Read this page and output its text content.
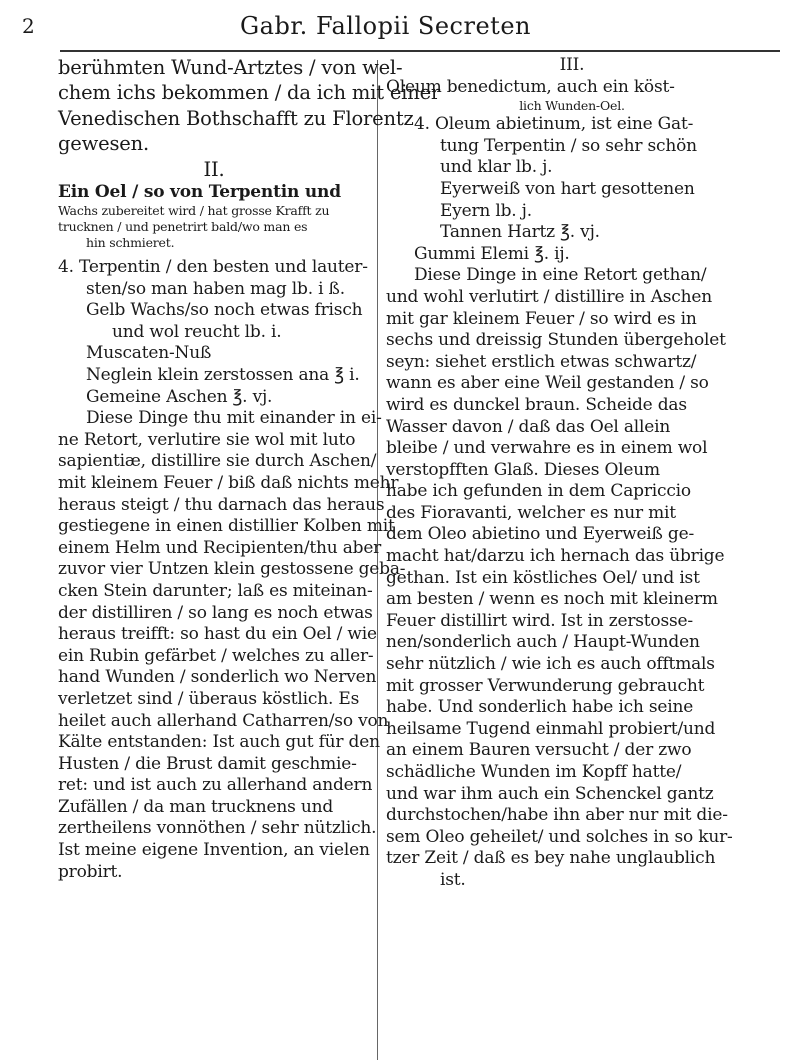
2	Gabr. Fallopii Secreten
berühmten Wund-Artztes / von wel-
chem ichs bekommen / da ich mit einer
Venedischen Bothschafft zu Florentz
gewesen.
II.
Ein Oel / so von Terpentin und
Wachs zubereitet wird / hat grosse Krafft zu
trucknen / und penetrirt bald/wo man es
hin schmieret.
4. Terpentin / den besten und lauter-
sten/so man haben mag lb. i ß.
Gelb Wachs/so noch etwas frisch
und wol reucht lb. i.
Muscaten-Nuß
Neglein klein zerstossen ana ℥ i.
Gemeine Aschen ℥. vj.
Diese Dinge thu mit einander in ei-
ne Retort, verlutire sie wol mit luto
sapientiæ, distillire sie durch Aschen/
mit kleinem Feuer / biß daß nichts mehr
heraus steigt / thu darnach das heraus
gestiegene in einen distillier Kolben mit
einem Helm und Recipienten/thu aber
zuvor vier Untzen klein gestossene geba-
cken Stein darunter; laß es miteinan-
der distilliren / so lang es noch etwas
heraus treifft: so hast du ein Oel / wie
ein Rubin gefärbet / welches zu aller-
hand Wunden / sonderlich wo Nerven
verletzet sind / überaus köstlich. Es
heilet auch allerhand Catharren/so von
Kälte entstanden: Ist auch gut für den
Husten / die Brust damit geschmie-
ret: und ist auch zu allerhand andern
Zufällen / da man trucknens und
zertheilens vonnöthen / sehr nützlich.
Ist meine eigene Invention, an vielen
probirt.
III.
Oleum benedictum, auch ein köst-
lich Wunden-Oel.
4. Oleum abietinum, ist eine Gat-
tung Terpentin / so sehr schön
und klar lb. j.
Eyerweiß von hart gesottenen
Eyern lb. j.
Tannen Hartz ℥. vj.
Gummi Elemi ℥. ij.
Diese Dinge in eine Retort gethan/
und wohl verlutirt / distillire in Aschen
mit gar kleinem Feuer / so wird es in
sechs und dreissig Stunden übergeholet
seyn: siehet erstlich etwas schwartz/
wann es aber eine Weil gestanden / so
wird es dunckel braun. Scheide das
Wasser davon / daß das Oel allein
bleibe / und verwahre es in einem wol
verstopfften Glaß. Dieses Oleum
habe ich gefunden in dem Capriccio
des Fioravanti, welcher es nur mit
dem Oleo abietino und Eyerweiß ge-
macht hat/darzu ich hernach das übrige
gethan. Ist ein köstliches Oel/ und ist
am besten / wenn es noch mit kleinerm
Feuer distillirt wird. Ist in zerstosse-
nen/sonderlich auch / Haupt-Wunden
sehr nützlich / wie ich es auch offtmals
mit grosser Verwunderung gebraucht
habe. Und sonderlich habe ich seine
heilsame Tugend einmahl probiert/und
an einem Bauren versucht / der zwo
schädliche Wunden im Kopff hatte/
und war ihm auch ein Schenckel gantz
durchstochen/habe ihn aber nur mit die-
sem Oleo geheilet/ und solches in so kur-
tzer Zeit / daß es bey nahe unglaublich
ist.
